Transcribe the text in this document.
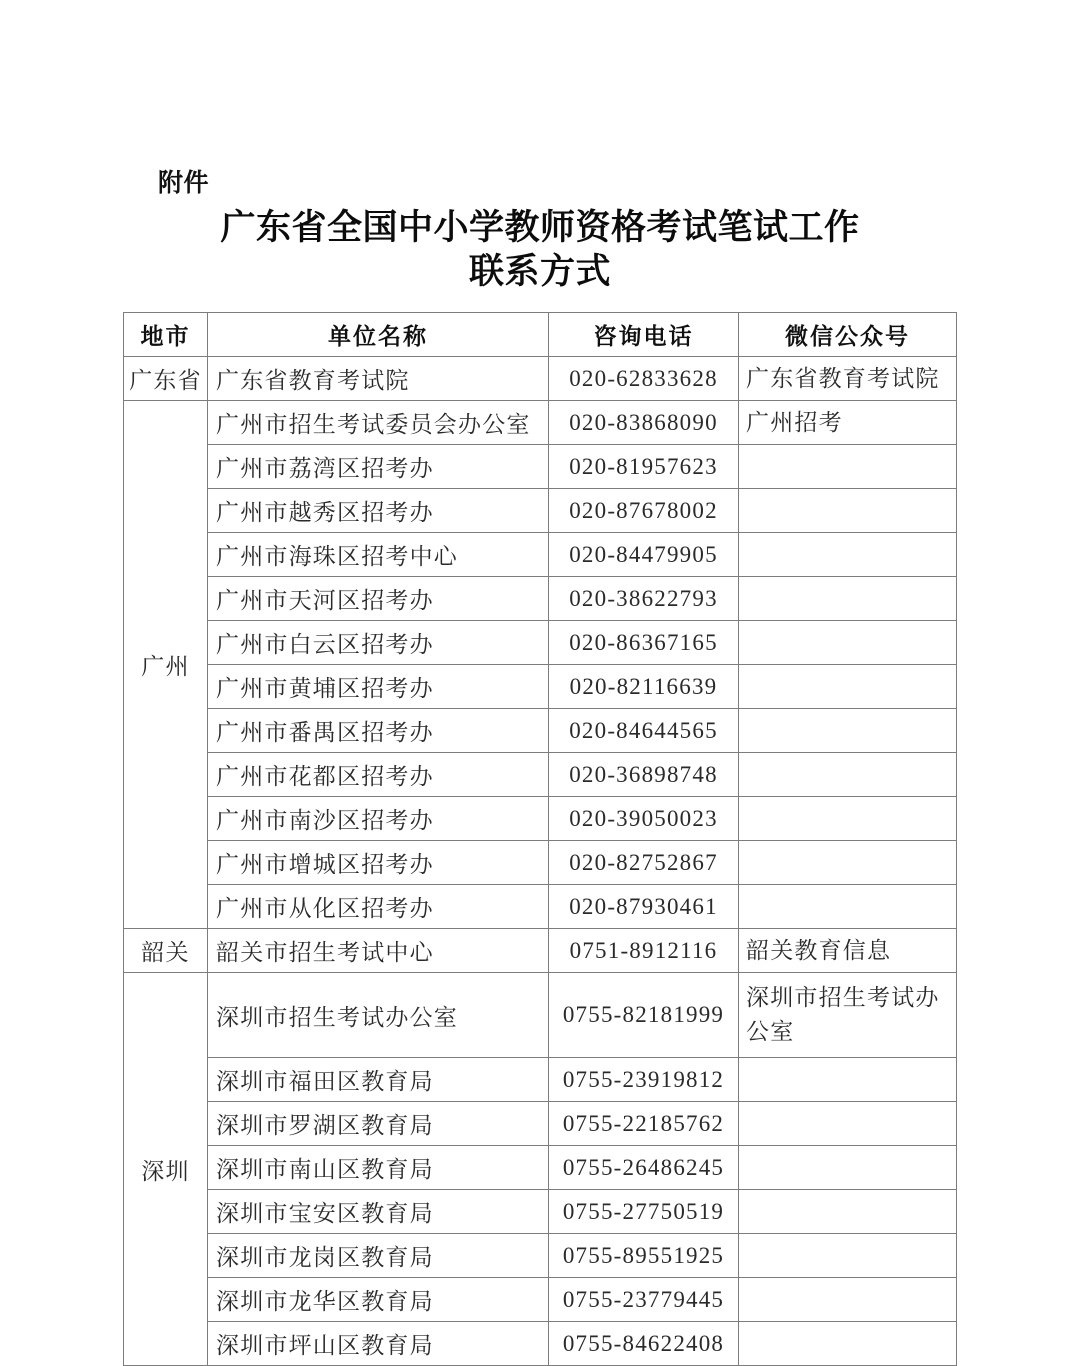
附件
广东省全国中小学教师资格考试笔试工作
联系方式
地市	单位名称	咨询电话	微信公众号
广东省	广东省教育考试院	020-62833628	广东省教育考试院
广州	广州市招生考试委员会办公室	020-83868090	广州招考
	广州市荔湾区招考办	020-81957623	
	广州市越秀区招考办	020-87678002	
	广州市海珠区招考中心	020-84479905	
	广州市天河区招考办	020-38622793	
	广州市白云区招考办	020-86367165	
	广州市黄埔区招考办	020-82116639	
	广州市番禺区招考办	020-84644565	
	广州市花都区招考办	020-36898748	
	广州市南沙区招考办	020-39050023	
	广州市增城区招考办	020-82752867	
	广州市从化区招考办	020-87930461	
韶关	韶关市招生考试中心	0751-8912116	韶关教育信息
深圳	深圳市招生考试办公室	0755-82181999	深圳市招生考试办公室
	深圳市福田区教育局	0755-23919812	
	深圳市罗湖区教育局	0755-22185762	
	深圳市南山区教育局	0755-26486245	
	深圳市宝安区教育局	0755-27750519	
	深圳市龙岗区教育局	0755-89551925	
	深圳市龙华区教育局	0755-23779445	
	深圳市坪山区教育局	0755-84622408	
